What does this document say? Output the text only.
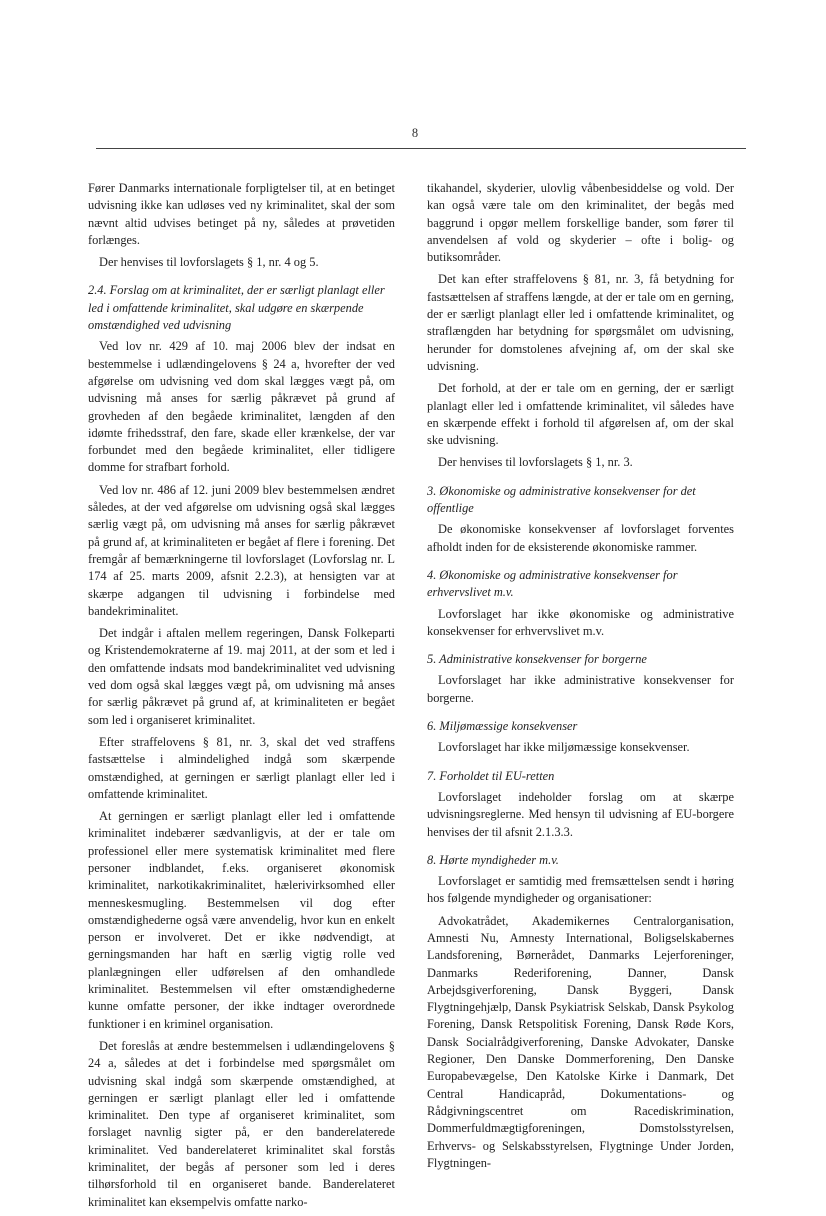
8

Fører Danmarks internationale forpligtelser til, at en betinget udvisning ikke kan udløses ved ny kriminalitet, skal der som nævnt altid udvises betinget på ny, således at prøvetiden forlænges.

Der henvises til lovforslagets § 1, nr. 4 og 5.

2.4. Forslag om at kriminalitet, der er særligt planlagt eller led i omfattende kriminalitet, skal udgøre en skærpende omstændighed ved udvisning

Ved lov nr. 429 af 10. maj 2006 blev der indsat en bestemmelse i udlændingelovens § 24 a, hvorefter der ved afgørelse om udvisning ved dom skal lægges vægt på, om udvisning må anses for særlig påkrævet på grund af grovheden af den begåede kriminalitet, længden af den idømte frihedsstraf, den fare, skade eller krænkelse, der var forbundet med den begåede kriminalitet, eller tidligere domme for strafbart forhold.

Ved lov nr. 486 af 12. juni 2009 blev bestemmelsen ændret således, at der ved afgørelse om udvisning også skal lægges særlig vægt på, om udvisning må anses for særlig påkrævet på grund af, at kriminaliteten er begået af flere i forening. Det fremgår af bemærkningerne til lovforslaget (Lovforslag nr. L 174 af 25. marts 2009, afsnit 2.2.3), at hensigten var at skærpe adgangen til udvisning i forbindelse med bandekriminalitet.

Det indgår i aftalen mellem regeringen, Dansk Folkeparti og Kristendemokraterne af 19. maj 2011, at der som et led i den omfattende indsats mod bandekriminalitet ved udvisning ved dom også skal lægges vægt på, om udvisning må anses for særlig påkrævet på grund af, at kriminaliteten er begået som led i organiseret kriminalitet.

Efter straffelovens § 81, nr. 3, skal det ved straffens fastsættelse i almindelighed indgå som skærpende omstændighed, at gerningen er særligt planlagt eller led i omfattende kriminalitet.

At gerningen er særligt planlagt eller led i omfattende kriminalitet indebærer sædvanligvis, at der er tale om professionel eller mere systematisk kriminalitet med flere personer indblandet, f.eks. organiseret økonomisk kriminalitet, narkotikakriminalitet, hælerivirksomhed eller menneskesmugling. Bestemmelsen vil dog efter omstændighederne også være anvendelig, hvor kun en enkelt person er involveret. Det er ikke nødvendigt, at gerningsmanden har haft en særlig vigtig rolle ved planlægningen eller udførelsen af den omhandlede kriminalitet. Bestemmelsen vil efter omstændighederne kunne omfatte personer, der ikke indtager overordnede funktioner i en kriminel organisation.

Det foreslås at ændre bestemmelsen i udlændingelovens § 24 a, således at det i forbindelse med spørgsmålet om udvisning skal indgå som skærpende omstændighed, at gerningen er særligt planlagt eller led i omfattende kriminalitet. Den type af organiseret kriminalitet, som forslaget navnlig sigter på, er den banderelaterede kriminalitet. Ved banderelateret kriminalitet skal forstås kriminalitet, der begås af personer som led i deres tilhørsforhold til en organiseret bande. Banderelateret kriminalitet kan eksempelvis omfatte narko-

tikahandel, skyderier, ulovlig våbenbesiddelse og vold. Der kan også være tale om den kriminalitet, der begås med baggrund i opgør mellem forskellige bander, som fører til anvendelsen af vold og skyderier – ofte i bolig- og butiksområder.

Det kan efter straffelovens § 81, nr. 3, få betydning for fastsættelsen af straffens længde, at der er tale om en gerning, der er særligt planlagt eller led i omfattende kriminalitet, og straflængden har betydning for spørgsmålet om udvisning, herunder for domstolenes afvejning af, om der skal ske udvisning.

Det forhold, at der er tale om en gerning, der er særligt planlagt eller led i omfattende kriminalitet, vil således have en skærpende effekt i forhold til afgørelsen af, om der skal ske udvisning.

Der henvises til lovforslagets § 1, nr. 3.

3. Økonomiske og administrative konsekvenser for det offentlige

De økonomiske konsekvenser af lovforslaget forventes afholdt inden for de eksisterende økonomiske rammer.

4. Økonomiske og administrative konsekvenser for erhvervslivet m.v.

Lovforslaget har ikke økonomiske og administrative konsekvenser for erhvervslivet m.v.

5. Administrative konsekvenser for borgerne

Lovforslaget har ikke administrative konsekvenser for borgerne.

6. Miljømæssige konsekvenser

Lovforslaget har ikke miljømæssige konsekvenser.

7. Forholdet til EU-retten

Lovforslaget indeholder forslag om at skærpe udvisningsreglerne. Med hensyn til udvisning af EU-borgere henvises der til afsnit 2.1.3.3.

8. Hørte myndigheder m.v.

Lovforslaget er samtidig med fremsættelsen sendt i høring hos følgende myndigheder og organisationer:

Advokatrådet, Akademikernes Centralorganisation, Amnesti Nu, Amnesty International, Boligselskabernes Landsforening, Børnerådet, Danmarks Lejerforeninger, Danmarks Rederiforening, Danner, Dansk Arbejdsgiverforening, Dansk Byggeri, Dansk Flygtningehjælp, Dansk Psykiatrisk Selskab, Dansk Psykolog Forening, Dansk Retspolitisk Forening, Dansk Røde Kors, Dansk Socialrådgiverforening, Danske Advokater, Danske Regioner, Den Danske Dommerforening, Den Danske Europabevægelse, Den Katolske Kirke i Danmark, Det Central Handicapråd, Dokumentations- og Rådgivningscentret om Racediskrimination, Dommerfuldmægtigforeningen, Domstolsstyrelsen, Erhvervs- og Selskabsstyrelsen, Flygtninge Under Jorden, Flygtningen-
